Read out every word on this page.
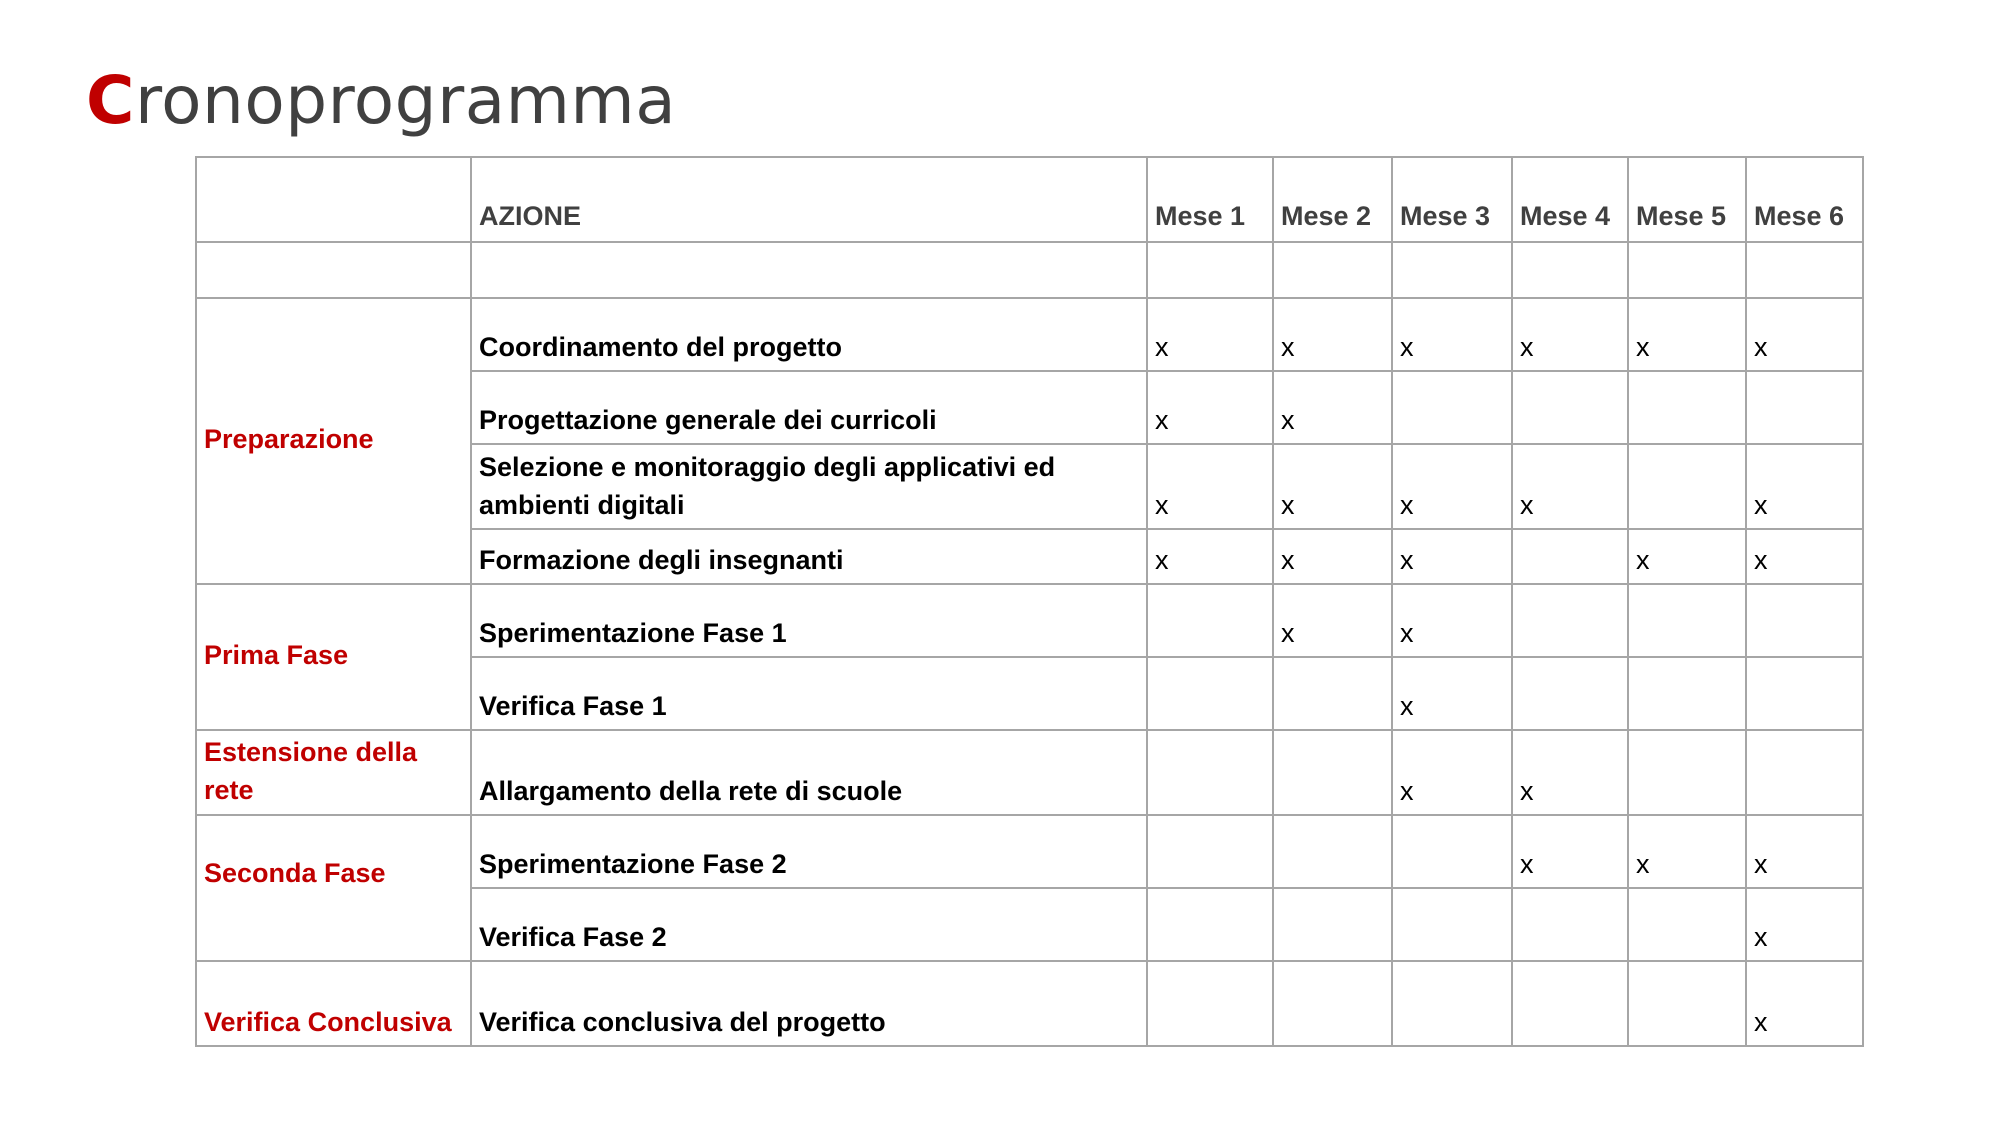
Cronoprogramma
	AZIONE	Mese 1	Mese 2	Mese 3	Mese 4	Mese 5	Mese 6

Preparazione	Coordinamento del progetto	x	x	x	x	x	x
	Progettazione generale dei curricoli	x	x				
	Selezione e monitoraggio degli applicativi ed ambienti digitali	x	x	x	x		x
	Formazione degli insegnanti	x	x	x		x	x
Prima Fase	Sperimentazione Fase 1		x	x			
	Verifica Fase 1			x			
Estensione della rete	Allargamento della rete di scuole			x	x		
Seconda Fase	Sperimentazione Fase 2				x	x	x
	Verifica Fase 2						x
Verifica Conclusiva	Verifica conclusiva del progetto						x
